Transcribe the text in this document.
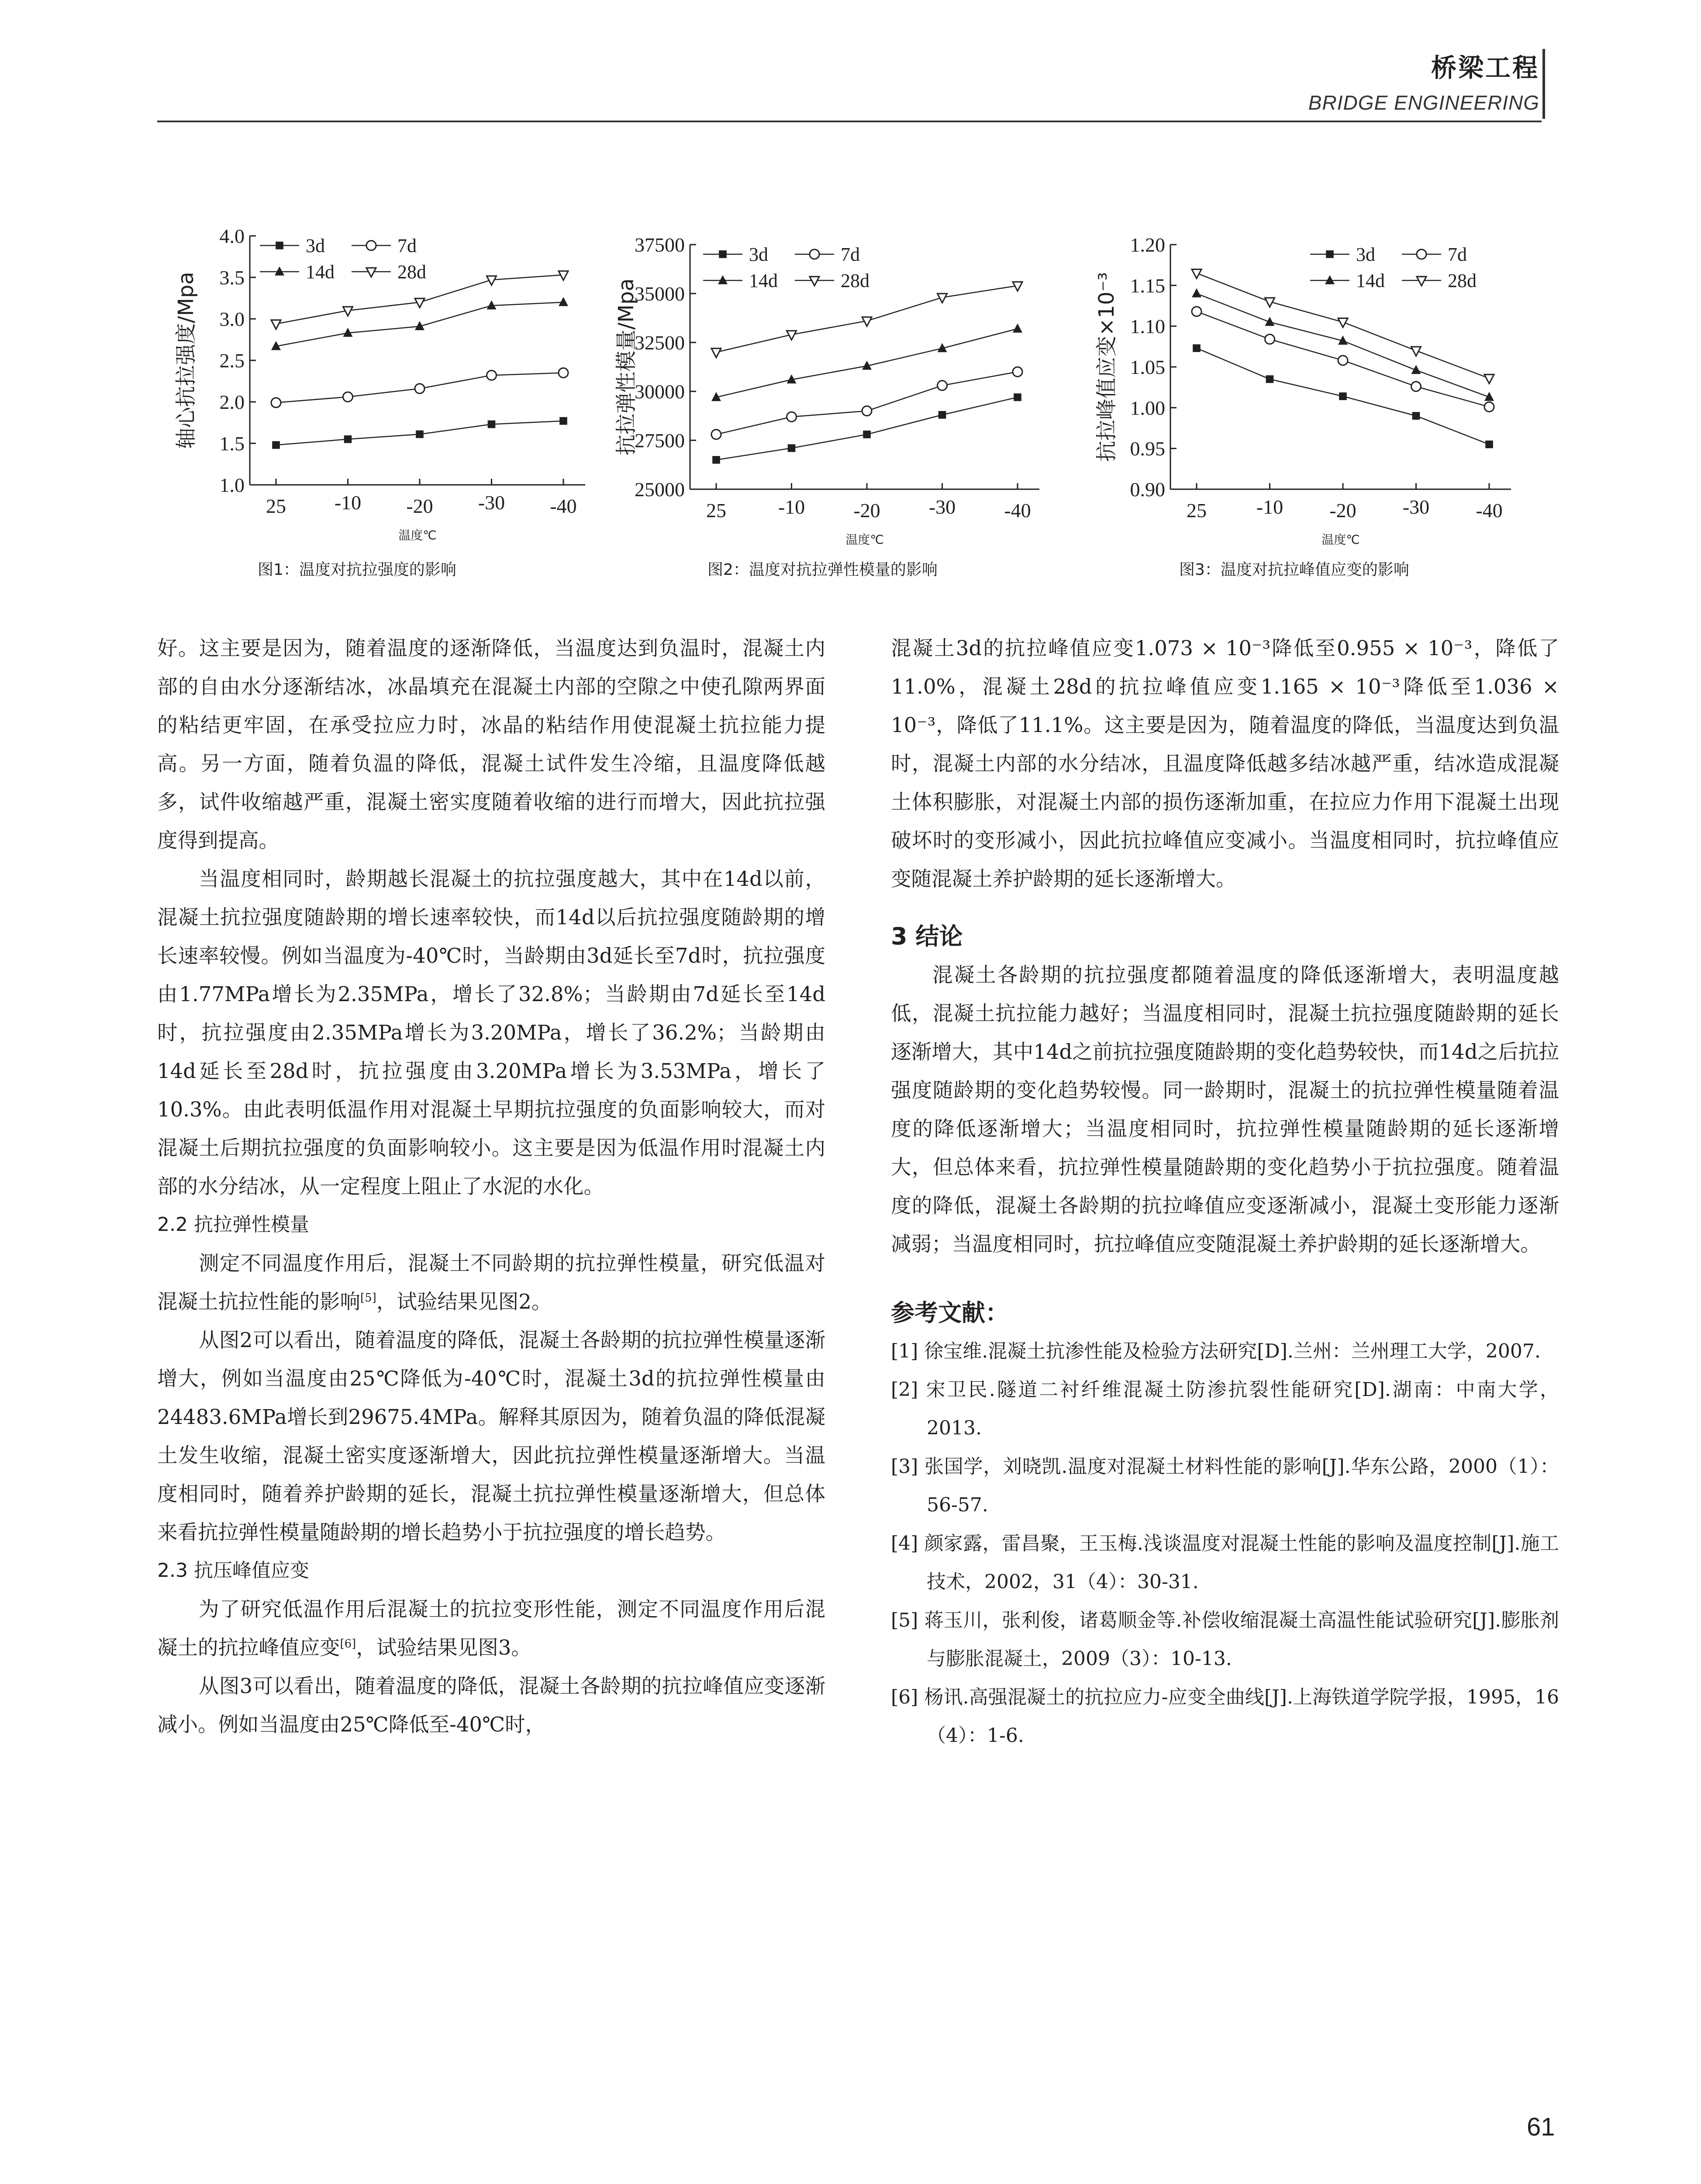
桥梁工程
BRIDGE ENGINEERING
1.0
1.5
2.0
2.5
3.0
3.5
4.0
25 -10 -20 -30 -40
温度℃
轴心抗拉强度/Mpa
3d	7d
14d	28d
25000
27500
30000
32500
35000
37500
25	-10 -20 -30 -40
温度℃
抗拉弹性模量/Mpa
3d	7d
14d	28d
0.90
0.95
1.00
1.05
1.10
1.15
1.20
25 -10 -20 -30 -40
温度℃
抗拉峰值应变×10⁻³
3d	7d
14d	28d
图1：温度对抗拉强度的影响	图2：温度对抗拉弹性模量的影响	图3：温度对抗拉峰值应变的影响

好。这主要是因为，随着温度的逐渐降低，当温度达到负温时，混凝土内部的自由水分逐渐结冰，冰晶填充在混凝土内部的空隙之中使孔隙两界面的粘结更牢固，在承受拉应力时，冰晶的粘结作用使混凝土抗拉能力提高。另一方面，随着负温的降低，混凝土试件发生冷缩，且温度降低越多，试件收缩越严重，混凝土密实度随着收缩的进行而增大，因此抗拉强度得到提高。

当温度相同时，龄期越长混凝土的抗拉强度越大，其中在14d以前，混凝土抗拉强度随龄期的增长速率较快，而14d以后抗拉强度随龄期的增长速率较慢。例如当温度为-40℃时，当龄期由3d延长至7d时，抗拉强度由1.77MPa增长为2.35MPa，增长了32.8%；当龄期由7d延长至14d时，抗拉强度由2.35MPa增长为3.20MPa，增长了36.2%；当龄期由14d延长至28d时，抗拉强度由3.20MPa增长为3.53MPa，增长了10.3%。由此表明低温作用对混凝土早期抗拉强度的负面影响较大，而对混凝土后期抗拉强度的负面影响较小。这主要是因为低温作用时混凝土内部的水分结冰，从一定程度上阻止了水泥的水化。

2.2 抗拉弹性模量

测定不同温度作用后，混凝土不同龄期的抗拉弹性模量，研究低温对混凝土抗拉性能的影响[5]，试验结果见图2。

从图2可以看出，随着温度的降低，混凝土各龄期的抗拉弹性模量逐渐增大，例如当温度由25℃降低为-40℃时，混凝土3d的抗拉弹性模量由24483.6MPa增长到29675.4MPa。解释其原因为，随着负温的降低混凝土发生收缩，混凝土密实度逐渐增大，因此抗拉弹性模量逐渐增大。当温度相同时，随着养护龄期的延长，混凝土抗拉弹性模量逐渐增大，但总体来看抗拉弹性模量随龄期的增长趋势小于抗拉强度的增长趋势。

2.3 抗压峰值应变

为了研究低温作用后混凝土的抗拉变形性能，测定不同温度作用后混凝土的抗拉峰值应变[6]，试验结果见图3。

从图3可以看出，随着温度的降低，混凝土各龄期的抗拉峰值应变逐渐减小。例如当温度由25℃降低至-40℃时，

混凝土3d的抗拉峰值应变1.073 × 10⁻³降低至0.955 × 10⁻³，降低了11.0%，混凝土28d的抗拉峰值应变1.165 × 10⁻³降低至1.036 × 10⁻³，降低了11.1%。这主要是因为，随着温度的降低，当温度达到负温时，混凝土内部的水分结冰，且温度降低越多结冰越严重，结冰造成混凝土体积膨胀，对混凝土内部的损伤逐渐加重，在拉应力作用下混凝土出现破坏时的变形减小，因此抗拉峰值应变减小。当温度相同时，抗拉峰值应变随混凝土养护龄期的延长逐渐增大。

3 结论

混凝土各龄期的抗拉强度都随着温度的降低逐渐增大，表明温度越低，混凝土抗拉能力越好；当温度相同时，混凝土抗拉强度随龄期的延长逐渐增大，其中14d之前抗拉强度随龄期的变化趋势较快，而14d之后抗拉强度随龄期的变化趋势较慢。同一龄期时，混凝土的抗拉弹性模量随着温度的降低逐渐增大；当温度相同时，抗拉弹性模量随龄期的延长逐渐增大，但总体来看，抗拉弹性模量随龄期的变化趋势小于抗拉强度。随着温度的降低，混凝土各龄期的抗拉峰值应变逐渐减小，混凝土变形能力逐渐减弱；当温度相同时，抗拉峰值应变随混凝土养护龄期的延长逐渐增大。

参考文献：

[1] 徐宝维.混凝土抗渗性能及检验方法研究[D].兰州：兰州理工大学，2007.

[2] 宋卫民.隧道二衬纤维混凝土防渗抗裂性能研究[D].湖南：中南大学，2013.

[3] 张国学，刘晓凯.温度对混凝土材料性能的影响[J].华东公路，2000（1）：56-57.

[4] 颜家露，雷昌聚，王玉梅.浅谈温度对混凝土性能的影响及温度控制[J].施工技术，2002，31（4）：30-31.

[5] 蒋玉川，张利俊，诸葛顺金等.补偿收缩混凝土高温性能试验研究[J].膨胀剂与膨胀混凝土，2009（3）：10-13.

[6] 杨讯.高强混凝土的抗拉应力-应变全曲线[J].上海铁道学院学报，1995，16（4）：1-6.

61
